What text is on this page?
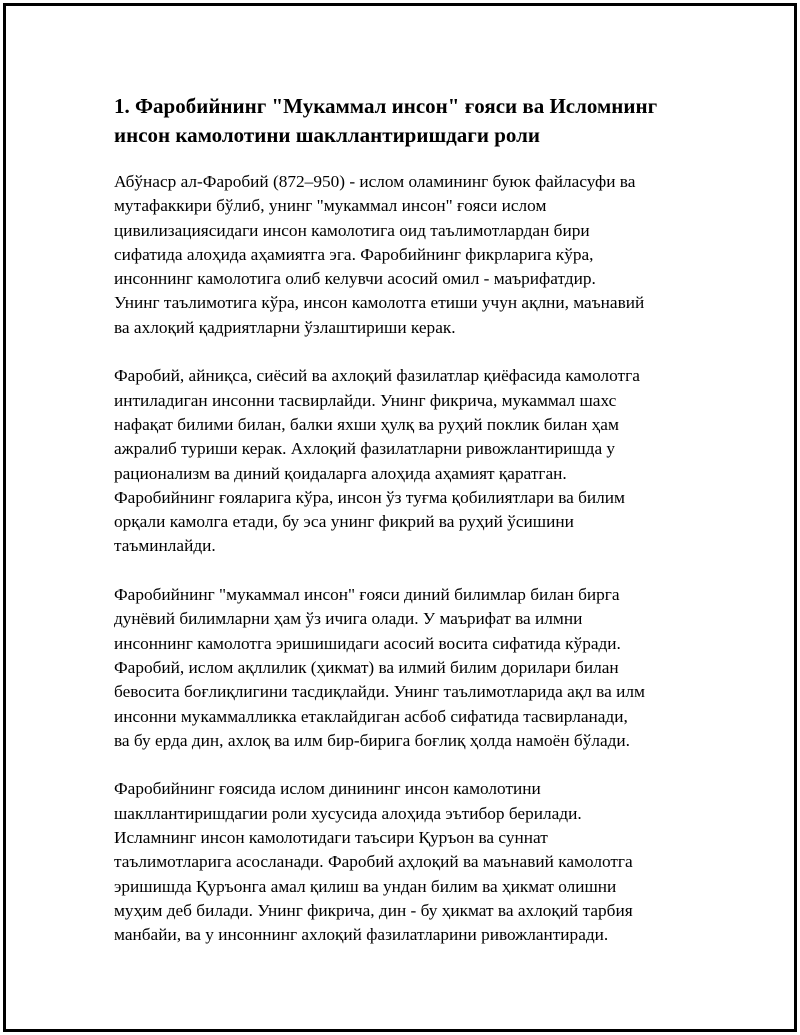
1. Фаробийнинг "Мукаммал инсон" ғояси ва Исломнинг
инсон камолотини шакллантиришдаги роли

Абўнаср ал-Фаробий (872–950) - ислом оламининг буюк файласуфи ва
мутафаккири бўлиб, унинг "мукаммал инсон" ғояси ислом
цивилизациясидаги инсон камолотига оид таълимотлардан бири
сифатида алоҳида аҳамиятга эга. Фаробийнинг фикрларига кўра,
инсоннинг камолотига олиб келувчи асосий омил - маърифатдир.
Унинг таълимотига кўра, инсон камолотга етиши учун ақлни, маънавий
ва ахлоқий қадриятларни ўзлаштириши керак.

Фаробий, айниқса, сиёсий ва ахлоқий фазилатлар қиёфасида камолотга
интиладиган инсонни тасвирлайди. Унинг фикрича, мукаммал шахс
нафақат билими билан, балки яхши ҳулқ ва руҳий поклик билан ҳам
ажралиб туриши керак. Ахлоқий фазилатларни ривожлантиришда у
рационализм ва диний қоидаларга алоҳида аҳамият қаратган.
Фаробийнинг ғояларига кўра, инсон ўз туғма қобилиятлари ва билим
орқали камолга етади, бу эса унинг фикрий ва руҳий ўсишини
таъминлайди.

Фаробийнинг "мукаммал инсон" ғояси диний билимлар билан бирга
дунёвий билимларни ҳам ўз ичига олади. У маърифат ва илмни
инсоннинг камолотга эришишидаги асосий восита сифатида кўради.
Фаробий, ислом ақллилик (ҳикмат) ва илмий билим дорилари билан
бевосита боғлиқлигини тасдиқлайди. Унинг таълимотларида ақл ва илм
инсонни мукаммалликка етаклайдиган асбоб сифатида тасвирланади,
ва бу ерда дин, ахлоқ ва илм бир-бирига боғлиқ ҳолда намоён бўлади.

Фаробийнинг ғоясида ислом динининг инсон камолотини
шакллантиришдагии роли хусусида алоҳида эътибор берилади.
Исламнинг инсон камолотидаги таъсири Қуръон ва суннат
таълимотларига асосланади. Фаробий аҳлоқий ва маънавий камолотга
эришишда Қуръонга амал қилиш ва ундан билим ва ҳикмат олишни
муҳим деб билади. Унинг фикрича, дин - бу ҳикмат ва ахлоқий тарбия
манбайи, ва у инсоннинг ахлоқий фазилатларини ривожлантиради.
